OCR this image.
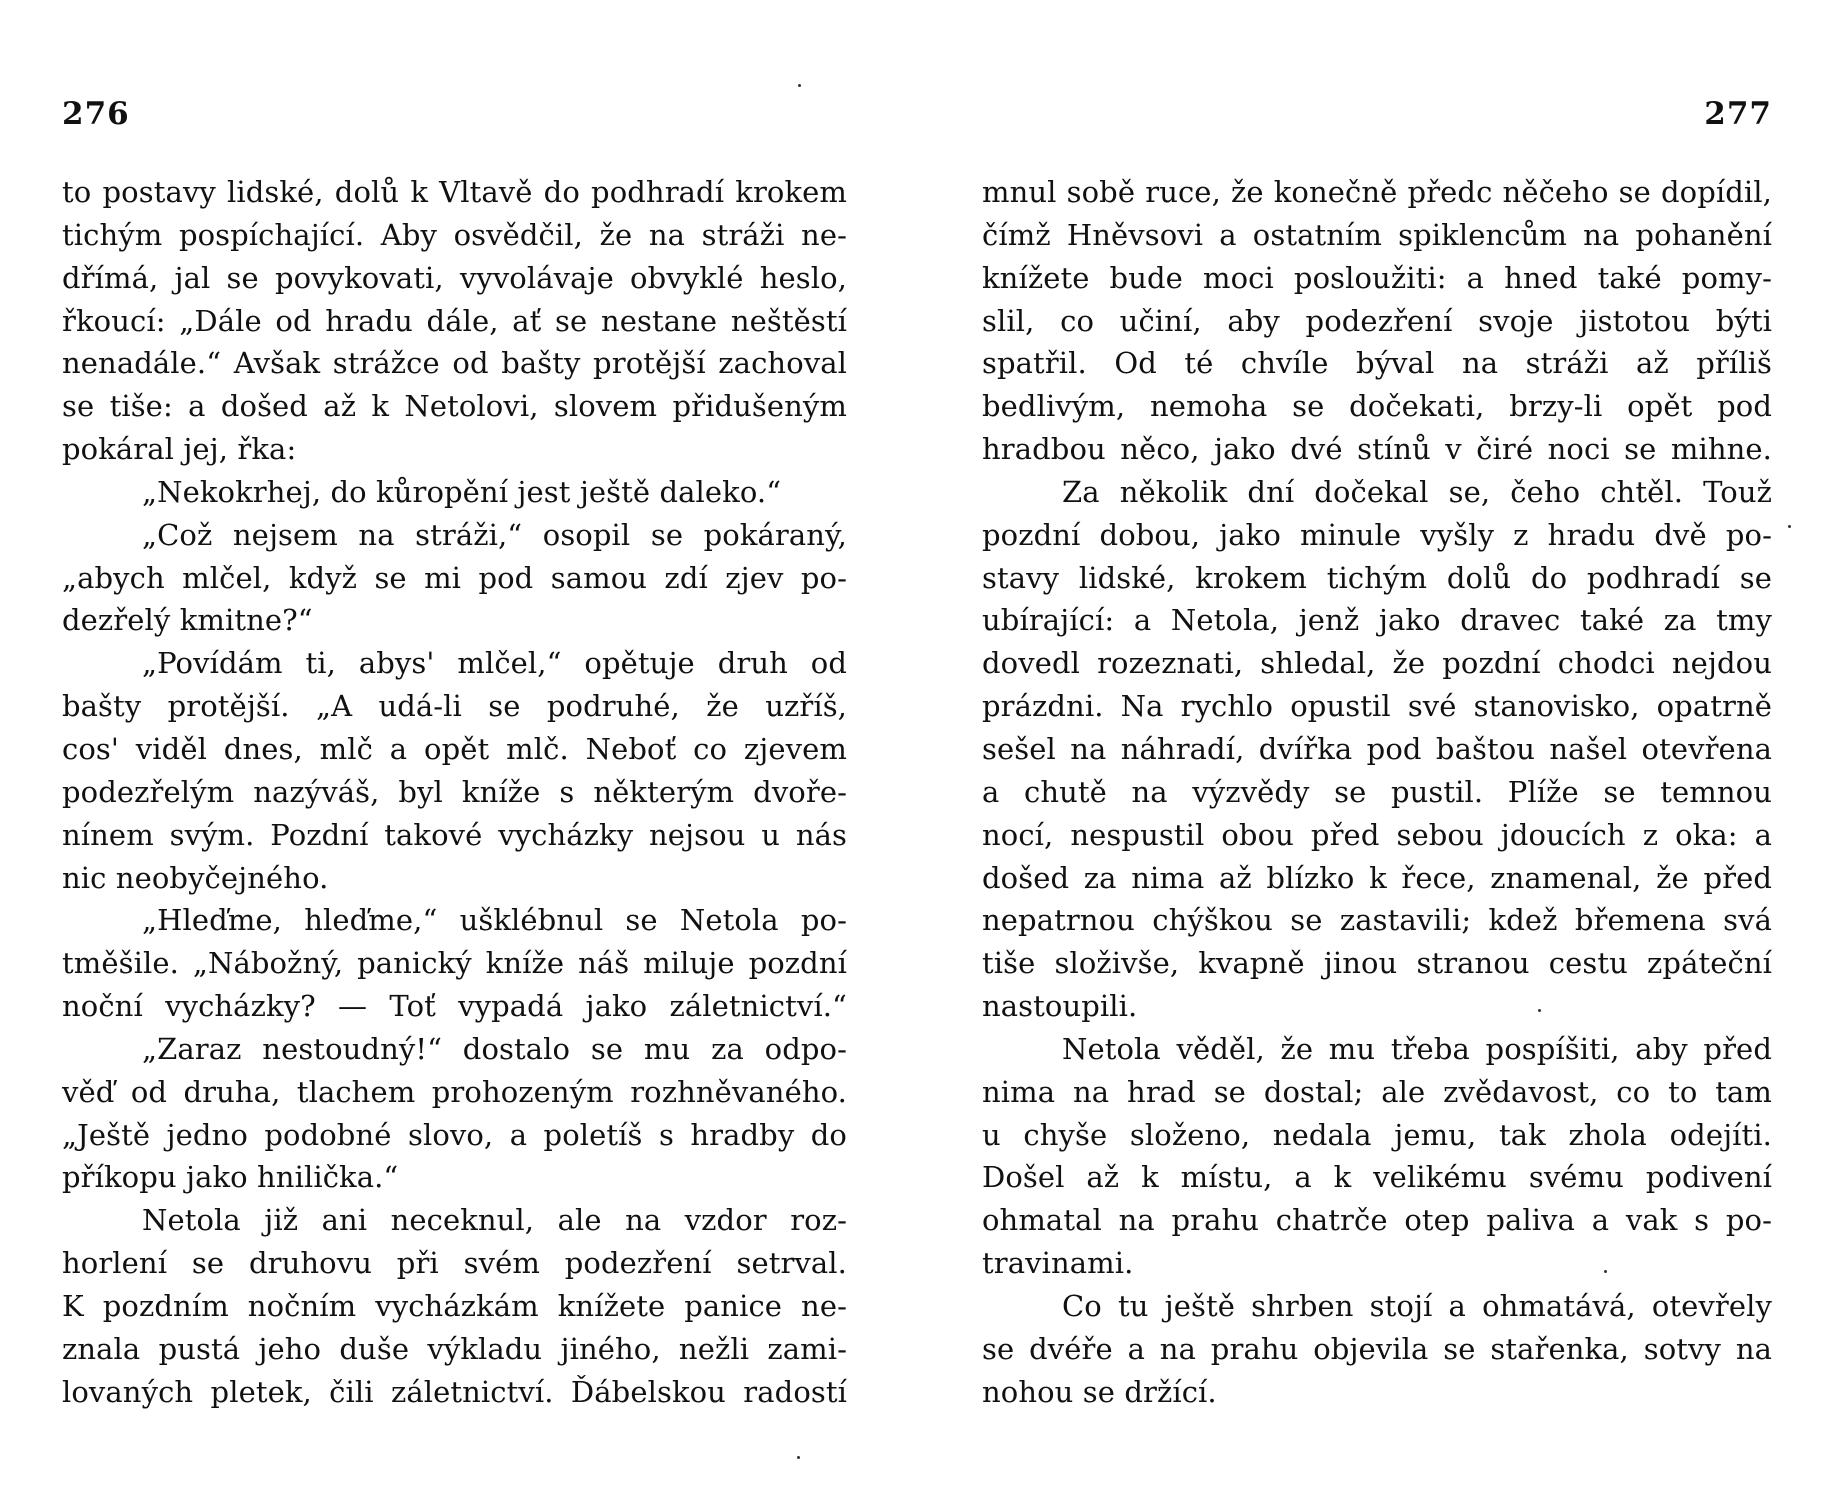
276
to postavy lidské, dolů k Vltavě do podhradí krokem
tichým pospíchající. Aby osvědčil, že na stráži ne-
dřímá, jal se povykovati, vyvolávaje obvyklé heslo,
řkoucí: „Dále od hradu dále, ať se nestane neštěstí
nenadále.“ Avšak strážce od bašty protější zachoval
se tiše: a došed až k Netolovi, slovem přidušeným
pokáral jej, řka:
„Nekokrhej, do kůropění jest ještě daleko.“
„Což nejsem na stráži,“ osopil se pokáraný,
„abych mlčel, když se mi pod samou zdí zjev po-
dezřelý kmitne?“
„Povídám ti, abys' mlčel,“ opětuje druh od
bašty protější. „A udá-li se podruhé, že uzříš,
cos' viděl dnes, mlč a opět mlč. Neboť co zjevem
podezřelým nazýváš, byl kníže s některým dvoře-
nínem svým. Pozdní takové vycházky nejsou u nás
nic neobyčejného.
„Hleďme, hleďme,“ ušklébnul se Netola po-
tměšile. „Nábožný, panický kníže náš miluje pozdní
noční vycházky? — Toť vypadá jako záletnictví.“
„Zaraz nestoudný!“ dostalo se mu za odpo-
věď od druha, tlachem prohozeným rozhněvaného.
„Ještě jedno podobné slovo, a poletíš s hradby do
příkopu jako hnilička.“
Netola již ani neceknul, ale na vzdor roz-
horlení se druhovu při svém podezření setrval.
K pozdním nočním vycházkám knížete panice ne-
znala pustá jeho duše výkladu jiného, nežli zami-
lovaných pletek, čili záletnictví. Ďábelskou radostí
277
mnul sobě ruce, že konečně předc něčeho se dopídil,
čímž Hněvsovi a ostatním spiklencům na pohanění
knížete bude moci posloužiti: a hned také pomy-
slil, co učiní, aby podezření svoje jistotou býti
spatřil. Od té chvíle býval na stráži až příliš
bedlivým, nemoha se dočekati, brzy-li opět pod
hradbou něco, jako dvé stínů v čiré noci se mihne.
Za několik dní dočekal se, čeho chtěl. Touž
pozdní dobou, jako minule vyšly z hradu dvě po-
stavy lidské, krokem tichým dolů do podhradí se
ubírající: a Netola, jenž jako dravec také za tmy
dovedl rozeznati, shledal, že pozdní chodci nejdou
prázdni. Na rychlo opustil své stanovisko, opatrně
sešel na náhradí, dvířka pod baštou našel otevřena
a chutě na výzvědy se pustil. Plíže se temnou
nocí, nespustil obou před sebou jdoucích z oka: a
došed za nima až blízko k řece, znamenal, že před
nepatrnou chýškou se zastavili; kdež břemena svá
tiše složivše, kvapně jinou stranou cestu zpáteční
nastoupili.
Netola věděl, že mu třeba pospíšiti, aby před
nima na hrad se dostal; ale zvědavost, co to tam
u chyše složeno, nedala jemu, tak zhola odejíti.
Došel až k místu, a k velikému svému podivení
ohmatal na prahu chatrče otep paliva a vak s po-
travinami.
Co tu ještě shrben stojí a ohmatává, otevřely
se dvéře a na prahu objevila se stařenka, sotvy na
nohou se držící.
